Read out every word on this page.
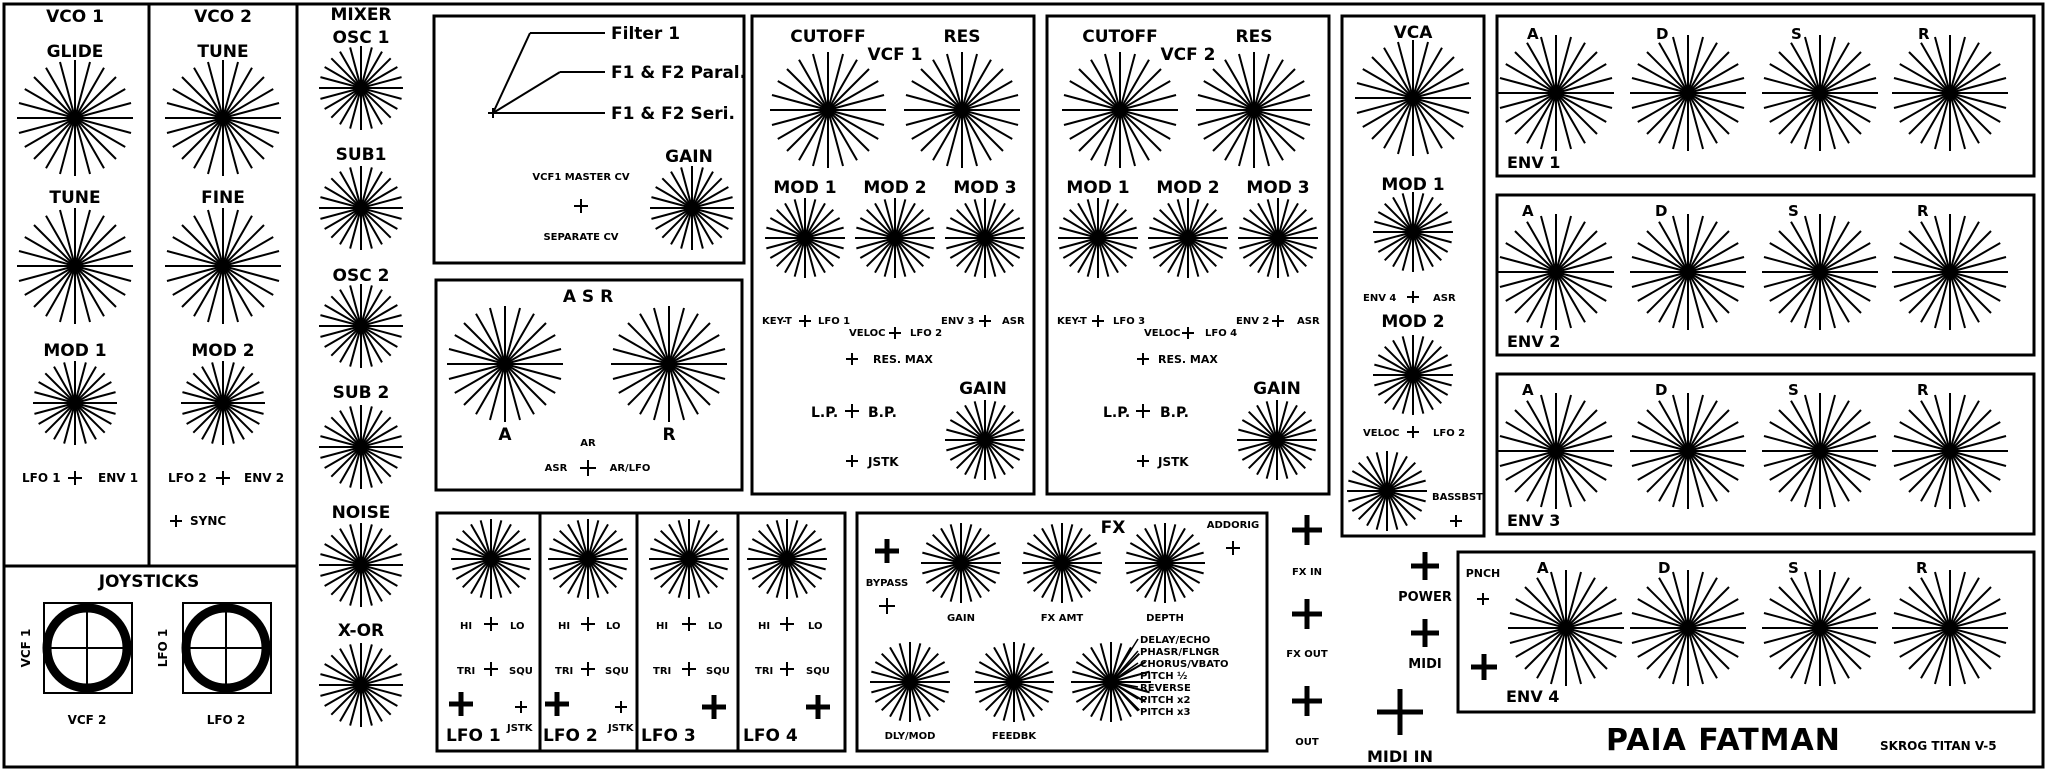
VCO 1
GLIDE
TUNE
MOD 1
LFO 1	ENV 1
VCO 2
TUNE
FINE
MOD 2
LFO 2	ENV 2
SYNC
MIXER
OSC 1
SUB1
OSC 2
SUB 2
NOISE
X-OR
JOYSTICKS
VCF 1
VCF 2
LFO 1
LFO 2
Filter 1
F1 & F2 Paral.
F1 & F2 Seri.
VCF1 MASTER CV
SEPARATE CV
GAIN
A S R
A	R
AR
ASR	AR/LFO
CUTOFF	RES
VCF 1
MOD 1 MOD 2 MOD 3
KEY-T	LFO 1
VELOC LFO 2
ENV 3	ASR
RES. MAX
L.P. B.P.
JSTK
GAIN
CUTOFF	RES
VCF 2
MOD 1 MOD 2 MOD 3
KEY-T	LFO 3
VELOC LFO 4
ENV 2	ASR
RES. MAX
L.P. B.P.
JSTK
GAIN
VCA
MOD 1
ENV 4	ASR
MOD 2
VELOC	LFO 2
BASSBST
HI	LO
TRI	SQU
JSTK
LFO 1
HI	LO
TRI	SQU
JSTK
LFO 2
HI	LO
TRI	SQU
LFO 3
HI	LO
TRI	SQU
LFO 4
FX
BYPASS
GAIN	FX AMT	DEPTH
ADDORIG
DLY/MOD	FEEDBK
DELAY/ECHO
PHASR/FLNGR
CHORUS/VBATO
PITCH ½
REVERSE
PITCH x2
PITCH x3
FX IN
FX OUT
OUT
POWER
MIDI
MIDI IN
PNCH
ENV 1
ENV 2
ENV 3
ENV 4
A	D	S	R
A	D	S	R
A	D	S	R
A	D	S	R
PAIA FATMAN	SKROG TITAN V-5
